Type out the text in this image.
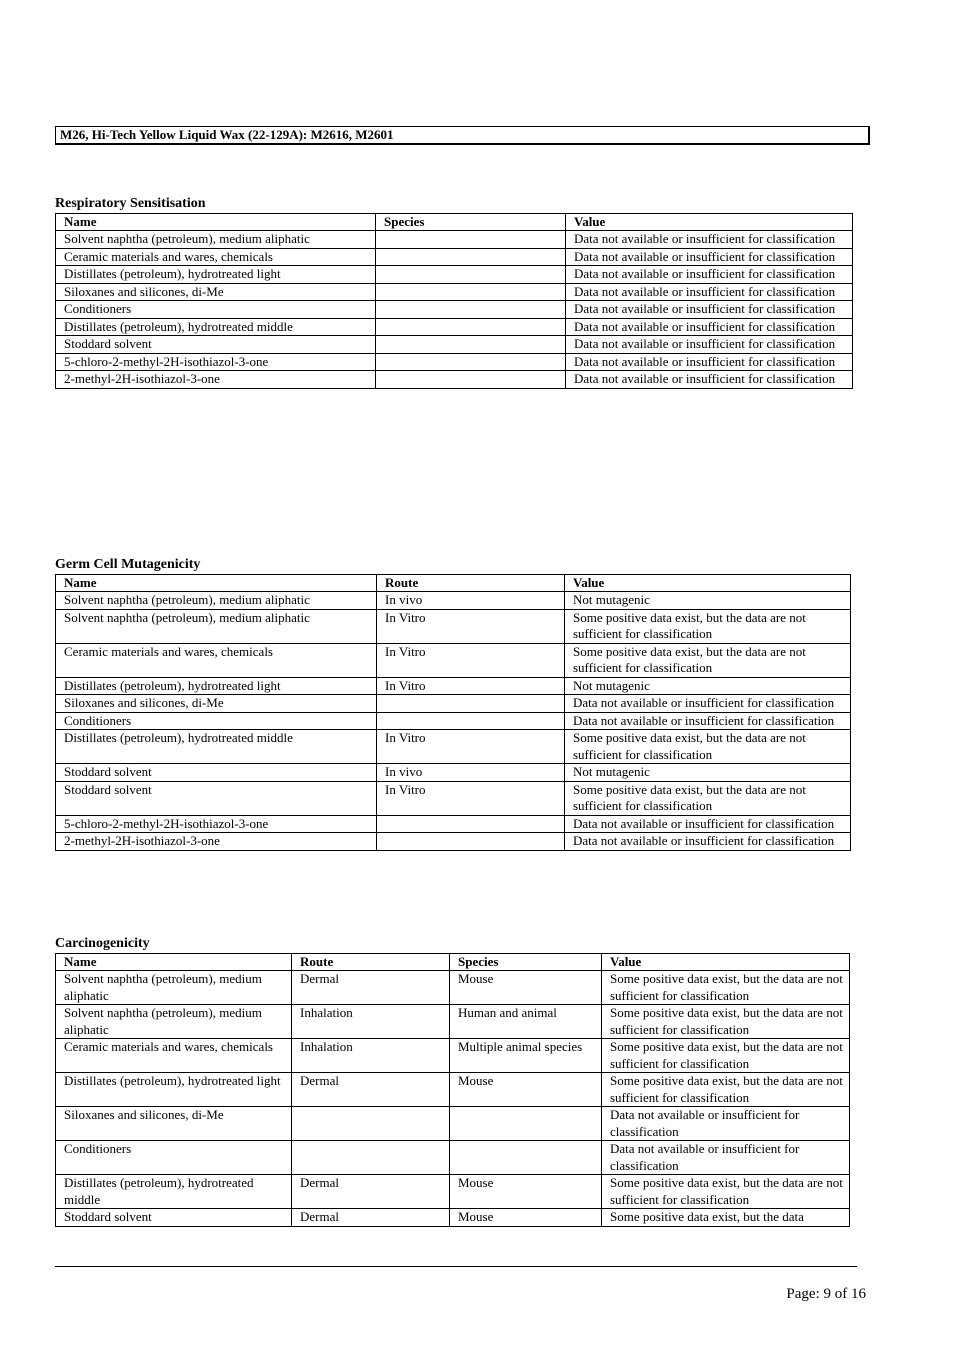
M26, Hi-Tech Yellow Liquid Wax (22-129A): M2616, M2601
Respiratory Sensitisation
Name	Species	Value
Solvent naphtha (petroleum), medium aliphatic		Data not available or insufficient for classification
Ceramic materials and wares, chemicals		Data not available or insufficient for classification
Distillates (petroleum), hydrotreated light		Data not available or insufficient for classification
Siloxanes and silicones, di-Me		Data not available or insufficient for classification
Conditioners		Data not available or insufficient for classification
Distillates (petroleum), hydrotreated middle		Data not available or insufficient for classification
Stoddard solvent		Data not available or insufficient for classification
5-chloro-2-methyl-2H-isothiazol-3-one		Data not available or insufficient for classification
2-methyl-2H-isothiazol-3-one		Data not available or insufficient for classification
Germ Cell Mutagenicity
Name	Route	Value
Solvent naphtha (petroleum), medium aliphatic	In vivo	Not mutagenic
Solvent naphtha (petroleum), medium aliphatic	In Vitro	Some positive data exist, but the data are not sufficient for classification
Ceramic materials and wares, chemicals	In Vitro	Some positive data exist, but the data are not sufficient for classification
Distillates (petroleum), hydrotreated light	In Vitro	Not mutagenic
Siloxanes and silicones, di-Me		Data not available or insufficient for classification
Conditioners		Data not available or insufficient for classification
Distillates (petroleum), hydrotreated middle	In Vitro	Some positive data exist, but the data are not sufficient for classification
Stoddard solvent	In vivo	Not mutagenic
Stoddard solvent	In Vitro	Some positive data exist, but the data are not sufficient for classification
5-chloro-2-methyl-2H-isothiazol-3-one		Data not available or insufficient for classification
2-methyl-2H-isothiazol-3-one		Data not available or insufficient for classification
Carcinogenicity
Name	Route	Species	Value
Solvent naphtha (petroleum), medium aliphatic	Dermal	Mouse	Some positive data exist, but the data are not sufficient for classification
Solvent naphtha (petroleum), medium aliphatic	Inhalation	Human and animal	Some positive data exist, but the data are not sufficient for classification
Ceramic materials and wares, chemicals	Inhalation	Multiple animal species	Some positive data exist, but the data are not sufficient for classification
Distillates (petroleum), hydrotreated light	Dermal	Mouse	Some positive data exist, but the data are not sufficient for classification
Siloxanes and silicones, di-Me			Data not available or insufficient for classification
Conditioners			Data not available or insufficient for classification
Distillates (petroleum), hydrotreated middle	Dermal	Mouse	Some positive data exist, but the data are not sufficient for classification
Stoddard solvent	Dermal	Mouse	Some positive data exist, but the data
Page: 9 of 16
